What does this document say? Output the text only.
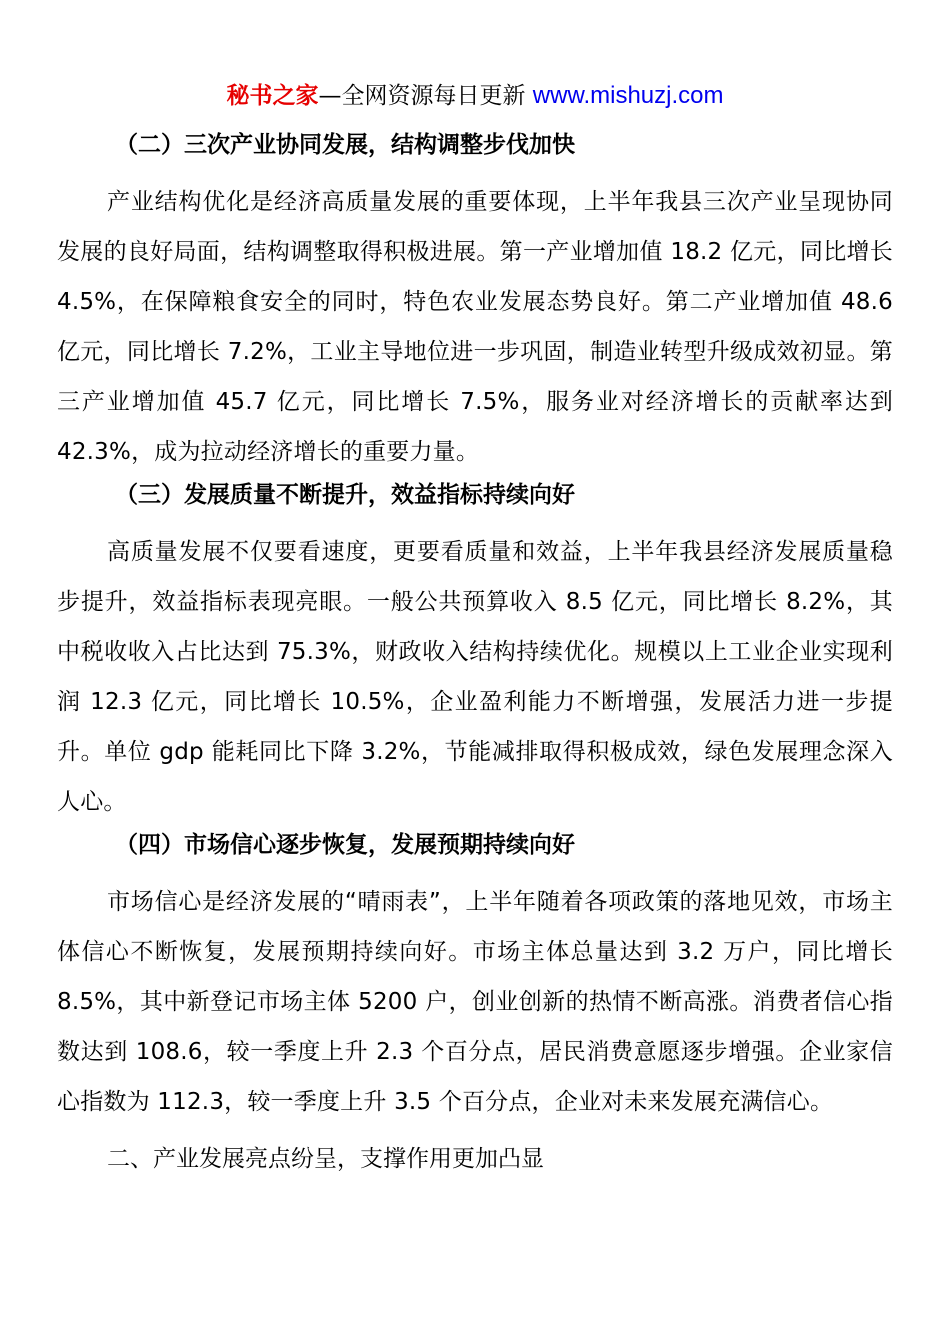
秘书之家—全网资源每日更新 www.mishuzj.com

（二）三次产业协同发展，结构调整步伐加快

产业结构优化是经济高质量发展的重要体现，上半年我县三次产业呈现协同发展的良好局面，结构调整取得积极进展。第一产业增加值 18.2 亿元，同比增长 4.5%，在保障粮食安全的同时，特色农业发展态势良好。第二产业增加值 48.6 亿元，同比增长 7.2%，工业主导地位进一步巩固，制造业转型升级成效初显。第三产业增加值 45.7 亿元，同比增长 7.5%，服务业对经济增长的贡献率达到 42.3%，成为拉动经济增长的重要力量。

（三）发展质量不断提升，效益指标持续向好

高质量发展不仅要看速度，更要看质量和效益，上半年我县经济发展质量稳步提升，效益指标表现亮眼。一般公共预算收入 8.5 亿元，同比增长 8.2%，其中税收收入占比达到 75.3%，财政收入结构持续优化。规模以上工业企业实现利润 12.3 亿元，同比增长 10.5%，企业盈利能力不断增强，发展活力进一步提升。单位 gdp 能耗同比下降 3.2%，节能减排取得积极成效，绿色发展理念深入人心。

（四）市场信心逐步恢复，发展预期持续向好

市场信心是经济发展的“晴雨表”，上半年随着各项政策的落地见效，市场主体信心不断恢复，发展预期持续向好。市场主体总量达到 3.2 万户，同比增长 8.5%，其中新登记市场主体 5200 户，创业创新的热情不断高涨。消费者信心指数达到 108.6，较一季度上升 2.3 个百分点，居民消费意愿逐步增强。企业家信心指数为 112.3，较一季度上升 3.5 个百分点，企业对未来发展充满信心。

二、产业发展亮点纷呈，支撑作用更加凸显
